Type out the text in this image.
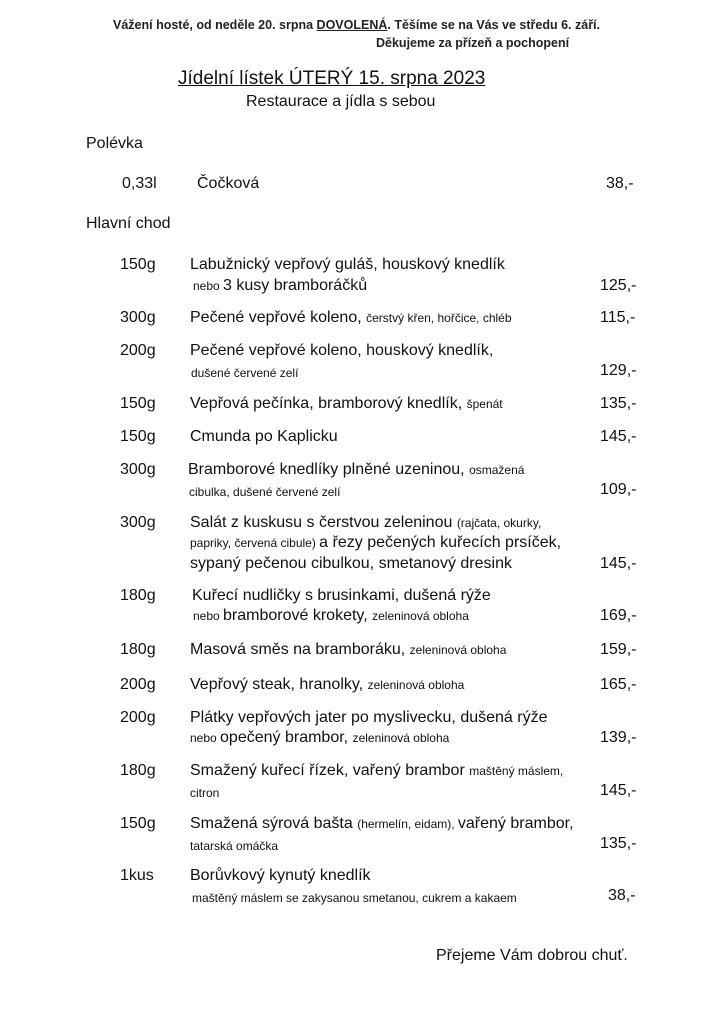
Vážení hosté, od neděle 20. srpna DOVOLENÁ. Těšíme se na Vás ve středu 6. září.
Děkujeme za přízeň a pochopení
Jídelní lístek ÚTERÝ 15. srpna 2023
Restaurace a jídla s sebou
Polévka
0,33l	Čočková	38,-
Hlavní chod
150g Labužnický vepřový guláš, houskový knedlík
nebo 3 kusy bramboráčků	125,-
300g Pečené vepřové koleno, čerstvý křen, hořčice, chléb	115,-
200g Pečené vepřové koleno, houskový knedlík,
dušené červené zelí	129,-
150g Vepřová pečínka, bramborový knedlík, špenát	135,-
150g Cmunda po Kaplicku	145,-
300g Bramborové knedlíky plněné uzeninou, osmažená
cibulka, dušené červené zelí	109,-
300g Salát z kuskusu s čerstvou zeleninou (rajčata, okurky,
papriky, červená cibule) a řezy pečených kuřecích prsíček,
sypaný pečenou cibulkou, smetanový dresink	145,-
180g Kuřecí nudličky s brusinkami, dušená rýže
nebo bramborové krokety, zeleninová obloha	169,-
180g Masová směs na bramboráku, zeleninová obloha	159,-
200g Vepřový steak, hranolky, zeleninová obloha	165,-
200g Plátky vepřových jater po myslivecku, dušená rýže
nebo opečený brambor, zeleninová obloha	139,-
180g Smažený kuřecí řízek, vařený brambor maštěný máslem,
citron	145,-
150g Smažená sýrová bašta (hermelín, eidam), vařený brambor,
tatarská omáčka	135,-
1kus Borůvkový kynutý knedlík
maštěný máslem se zakysanou smetanou, cukrem a kakaem	38,-
Přejeme Vám dobrou chuť.
